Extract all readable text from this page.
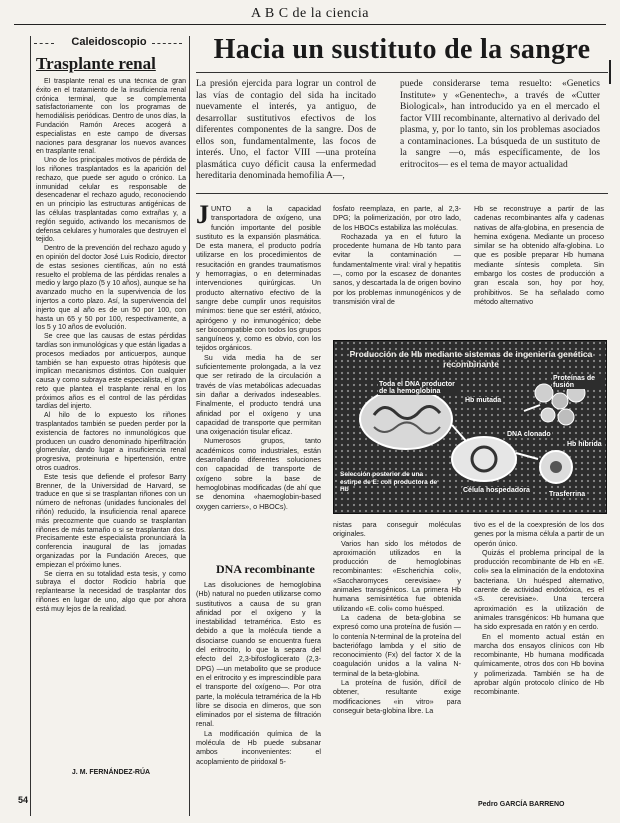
A B C de la ciencia
Caleidoscopio
Trasplante renal

El trasplante renal es una técnica de gran éxito en el tratamiento de la insuficiencia renal crónica terminal, que se complementa satisfactoriamente con los programas de hemodiálisis periódicas. Dentro de unos días, la Fundación Ramón Areces acogerá a especialistas en este campo de diversas naciones para desgranar los nuevos avances en trasplante renal.

Uno de los principales motivos de pérdida de los riñones trasplantados es la aparición del rechazo, que puede ser agudo o crónico. La inmunidad celular es responsable de desencadenar el rechazo agudo, reconociendo en un principio las estructuras antigénicas de las células trasplantadas como extrañas y, a reglón seguido, activando los mecanismos de defensa celulares y humorales que destruyen el tejido.

Dentro de la prevención del rechazo agudo y en opinión del doctor José Luis Rodicio, director de estas sesiones científicas, aún no está resuelto el problema de las pérdidas renales a medio y largo plazo (5 y 10 años), aunque se ha avanzado mucho en la supervivencia de los injertos a corto plazo. Así, la supervivencia del injerto que al año es de un 50 por 100, con hasta un 65 y 50 por 100, respectivamente, a los 5 y 10 años de evolución.

Se cree que las causas de estas pérdidas tardías son inmunológicas y que están ligadas a procesos mediados por anticuerpos, aunque también se han expuesto otras hipótesis que implican mecanismos distintos. Con cualquier causa y como subraya este especialista, el gran reto que plantea el trasplante renal en los próximos años es el control de las pérdidas tardías del injerto.

Al hilo de lo expuesto los riñones trasplantados también se pueden perder por la existencia de factores no inmunológicos que producen un cuadro denominado hiperfiltración glomerular, dando lugar a insuficiencia renal progresiva, proteinuria e hipertensión, entre otros cuadros.

Este tesis que defiende el profesor Barry Brenner, de la Universidad de Harvard, se traduce en que si se trasplantan riñones con un número de nefronas (unidades funcionales del riñón) reducido, la insuficiencia renal aparece más precozmente que cuando se trasplantan riñones de más tamaño o si se trasplantan dos. Precisamente este especialista pronunciará la conferencia inaugural de las jornadas organizadas por la Fundación Areces, que empiezan el próximo lunes.

Se cierra en su totalidad esta tesis, y como subraya el doctor Rodicio habría que replantearse la necesidad de trasplantar dos riñones en lugar de uno, algo que por ahora está muy lejos de la realidad.

J. M. FERNÁNDEZ-RÚA
54
Hacia un sustituto de la sangre
La presión ejercida para lograr un control de las vías de contagio del sida ha incitado nuevamente el interés, ya antiguo, de desarrollar sustitutivos efectivos de los diferentes componentes de la sangre. Dos de ellos son, fundamentalmente, las focos de interés. Uno, el factor VIII —una proteína plasmática cuyo déficit causa la enfermedad hereditaria denominada hemofilia A—,
puede considerarse tema resuelto: «Genetics Institute» y «Genentech», a través de «Cutter Biological», han introducido ya en el mercado el factor VIII recombinante, alternativo al derivado del plasma, y, por lo tanto, sin los problemas asociados a contaminaciones. La búsqueda de un sustituto de la sangre —o, más específicamente, de los eritrocitos— es el tema de mayor actualidad

JUNTO a la capacidad transportadora de oxígeno, una función importante del posible sustituto es la expansión plasmática. De esta manera, el producto podría utilizarse en los procedimientos de resucitación en grandes traumatismos y hemorragias, o en determinadas intervenciones quirúrgicas. Un producto alternativo efectivo de la sangre debe cumplir unos requisitos mínimos: tiene que ser estéril, atóxico, apirógeno y no inmunogénico; debe ser biocompatible con todos los grupos sanguíneos y, como es obvio, con los tejidos orgánicos.

Su vida media ha de ser suficientemente prolongada, a la vez que ser retirado de la circulación a través de vías metabólicas adecuadas sin dañar a derivados indeseables. Finalmente, el producto tendrá una afinidad por el oxígeno y una capacidad de transporte que permitan una oxigenación tisular eficaz.

Numerosos grupos, tanto académicos como industriales, están desarrollando diferentes soluciones con capacidad de transporte de oxígeno sobre la base de hemoglobinas modificadas (de ahí que se denomina «haemoglobin-based oxygen carriers», o HBOCs).

fosfato reemplaza, en parte, al 2,3-DPG; la polimerización, por otro lado, de los HBOCs estabiliza las moléculas.

Rochazada ya en el futuro la procedente humana de Hb tanto para evitar la contaminación —fundamentalmente viral: viral y hepatitis—, como por la escasez de donantes sanos, y descartada la de origen bovino por los problemas inmunogénicos y de transmisión viral de

Hb se reconstruye a partir de las cadenas recombinantes alfa y cadenas nativas de alfa-globina, en presencia de hemina exógena. Mediante un proceso similar se ha obtenido alfa-globina. Lo que es posible preparar Hb humana mediante síntesis completa. Sin embargo los costes de producción a gran escala son, hoy por hoy, prohibitivos. Se ha señalado como método alternativo

Producción de Hb mediante sistemas de ingeniería genética recombinante
Toda el DNA productor de la hemoglobina
Hb mutada
Proteínas de fusión
DNA clonado
Hb híbrida
Trasferrina
Célula hospedadora
Selección posterior de una estirpe de E. coli productora de Hb
DNA recombinante

Las disoluciones de hemoglobina (Hb) natural no pueden utilizarse como sustitutivos a causa de su gran afinidad por el oxígeno y la inestabilidad tetramérica. Esto es debido a que la molécula tiende a disociarse cuando se encuentra fuera del eritrocito, lo que la separa del efecto del 2,3-bifosfoglicerato (2,3-DPG) —un metabolito que se produce en el eritrocito y es imprescindible para el transporte del oxígeno—. Por otra parte, la molécula tetramérica de la Hb libre se disocia en dímeros, que son eliminados por el sistema de filtración renal.

La modificación química de la molécula de Hb puede subsanar ambos inconvenientes: el acoplamiento de piridoxal 5-

nistas para conseguir moléculas originales.

Varios han sido los métodos de aproximación utilizados en la producción de hemoglobinas recombinantes: «Escherichia coli», «Saccharomyces cerevisiae» y animales transgénicos. La primera Hb humana semisintética fue obtenida utilizando «E. coli» como huésped.

La cadena de beta-globina se expresó como una proteína de fusión —lo contenía N-terminal de la proteína del bacteriófago lambda y el sitio de reconocimiento (Fx) del factor X de la coagulación unidos a la valina N-terminal de la beta-globina.

La proteína de fusión, difícil de obtener, resultante exige modificaciones «in vitro» para conseguir beta-globina libre. La

tivo es el de la coexpresión de los dos genes por la misma célula a partir de un operón único.

Quizás el problema principal de la producción recombinante de Hb en «E. coli» sea la eliminación de la endotoxina bacteriana. Un huésped alternativo, carente de actividad endotóxica, es el «S. cerevisiae». Una tercera aproximación es la utilización de animales transgénicos: Hb humana que ha sido expresada en ratón y en cerdo.

En el momento actual están en marcha dos ensayos clínicos con Hb recombinante, Hb humana modificada químicamente, otros dos con Hb bovina y polimerizada. También se ha de aprobar algún protocolo clínico de Hb recombinante.

Pedro GARCÍA BARRENO
